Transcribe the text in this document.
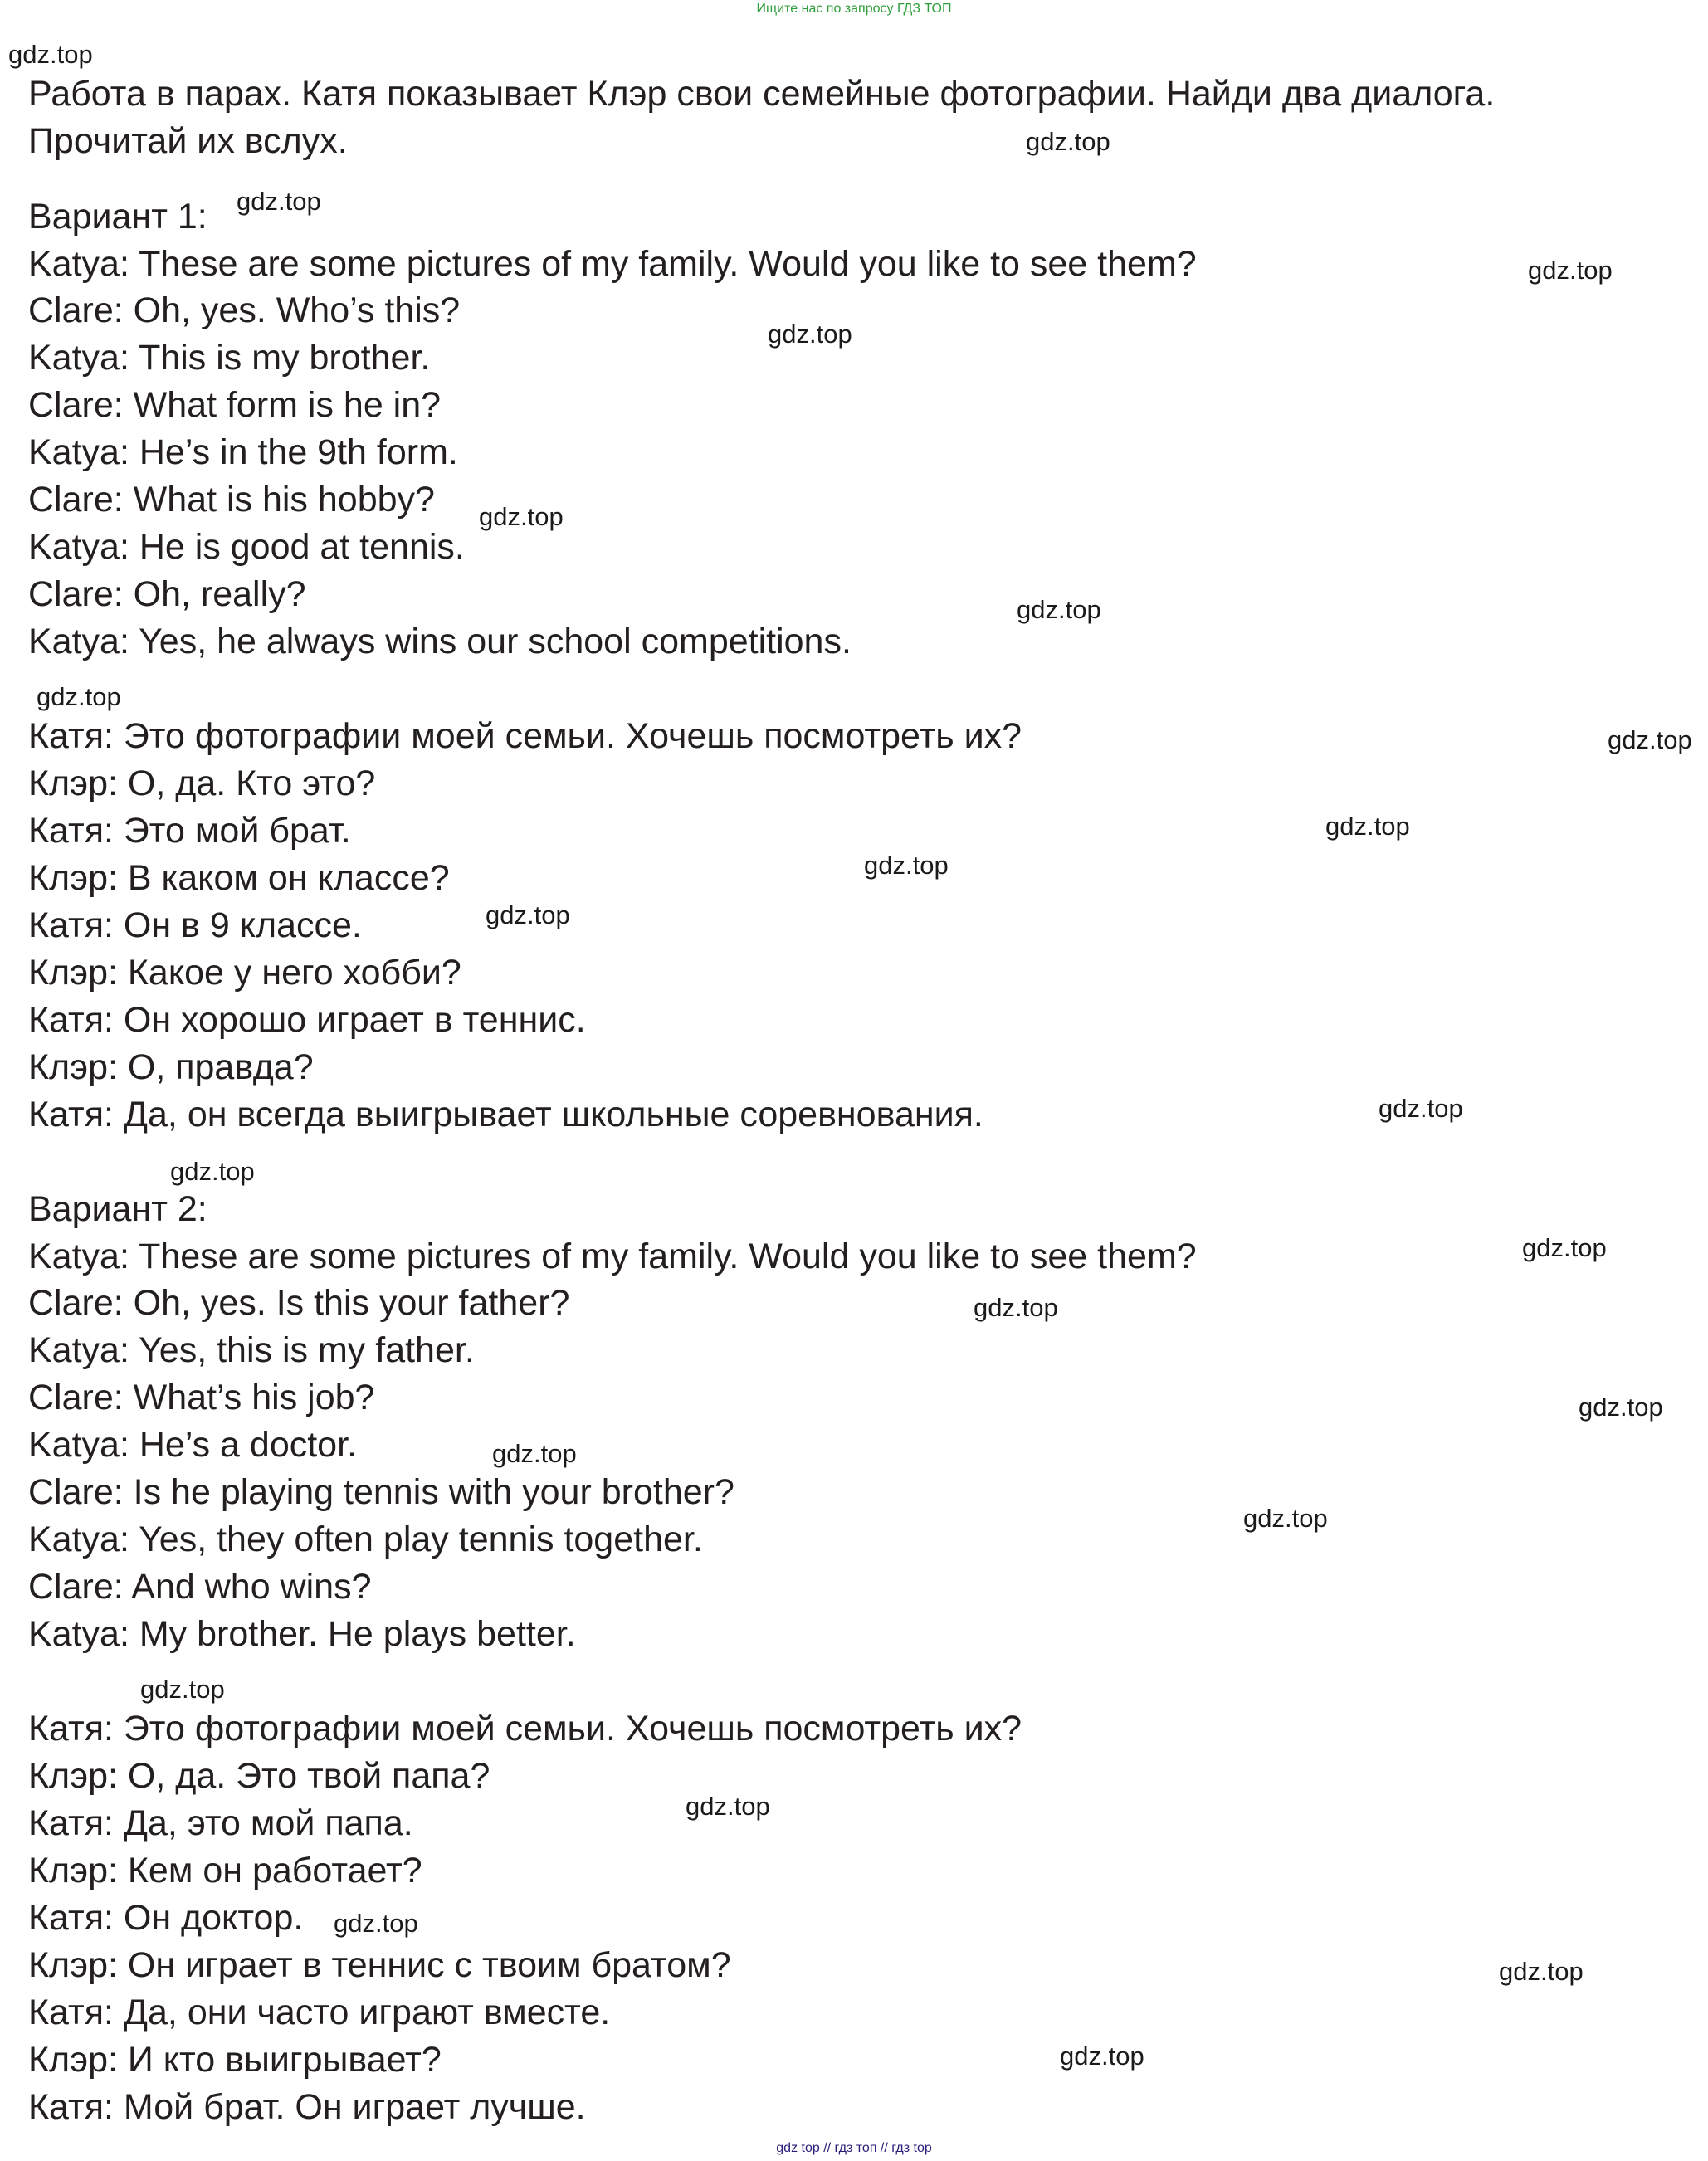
Ищите нас по запросу ГДЗ ТОП
Работа в парах. Катя показывает Клэр свои семейные фотографии. Найди два диалога.
Прочитай их вслух.
Вариант 1:
Katya: These are some pictures of my family. Would you like to see them?
Clare: Oh, yes. Who’s this?
Katya: This is my brother.
Clare: What form is he in?
Katya: He’s in the 9th form.
Clare: What is his hobby?
Katya: He is good at tennis.
Clare: Oh, really?
Katya: Yes, he always wins our school competitions.
Катя: Это фотографии моей семьи. Хочешь посмотреть их?
Клэр: О, да. Кто это?
Катя: Это мой брат.
Клэр: В каком он классе?
Катя: Он в 9 классе.
Клэр: Какое у него хобби?
Катя: Он хорошо играет в теннис.
Клэр: О, правда?
Катя: Да, он всегда выигрывает школьные соревнования.
Вариант 2:
Katya: These are some pictures of my family. Would you like to see them?
Clare: Oh, yes. Is this your father?
Katya: Yes, this is my father.
Clare: What’s his job?
Katya: He’s a doctor.
Clare: Is he playing tennis with your brother?
Katya: Yes, they often play tennis together.
Clare: And who wins?
Katya: My brother. He plays better.
Катя: Это фотографии моей семьи. Хочешь посмотреть их?
Клэр: О, да. Это твой папа?
Катя: Да, это мой папа.
Клэр: Кем он работает?
Катя: Он доктор.
Клэр: Он играет в теннис с твоим братом?
Катя: Да, они часто играют вместе.
Клэр: И кто выигрывает?
Катя: Мой брат. Он играет лучше.
gdz.top
gdz.top
gdz.top
gdz.top
gdz.top
gdz.top
gdz.top
gdz.top
gdz.top
gdz.top
gdz.top
gdz.top
gdz.top
gdz.top
gdz.top
gdz.top
gdz.top
gdz.top
gdz.top
gdz.top
gdz.top
gdz.top
gdz.top
gdz.top
gdz top // гдз топ // гдз top
